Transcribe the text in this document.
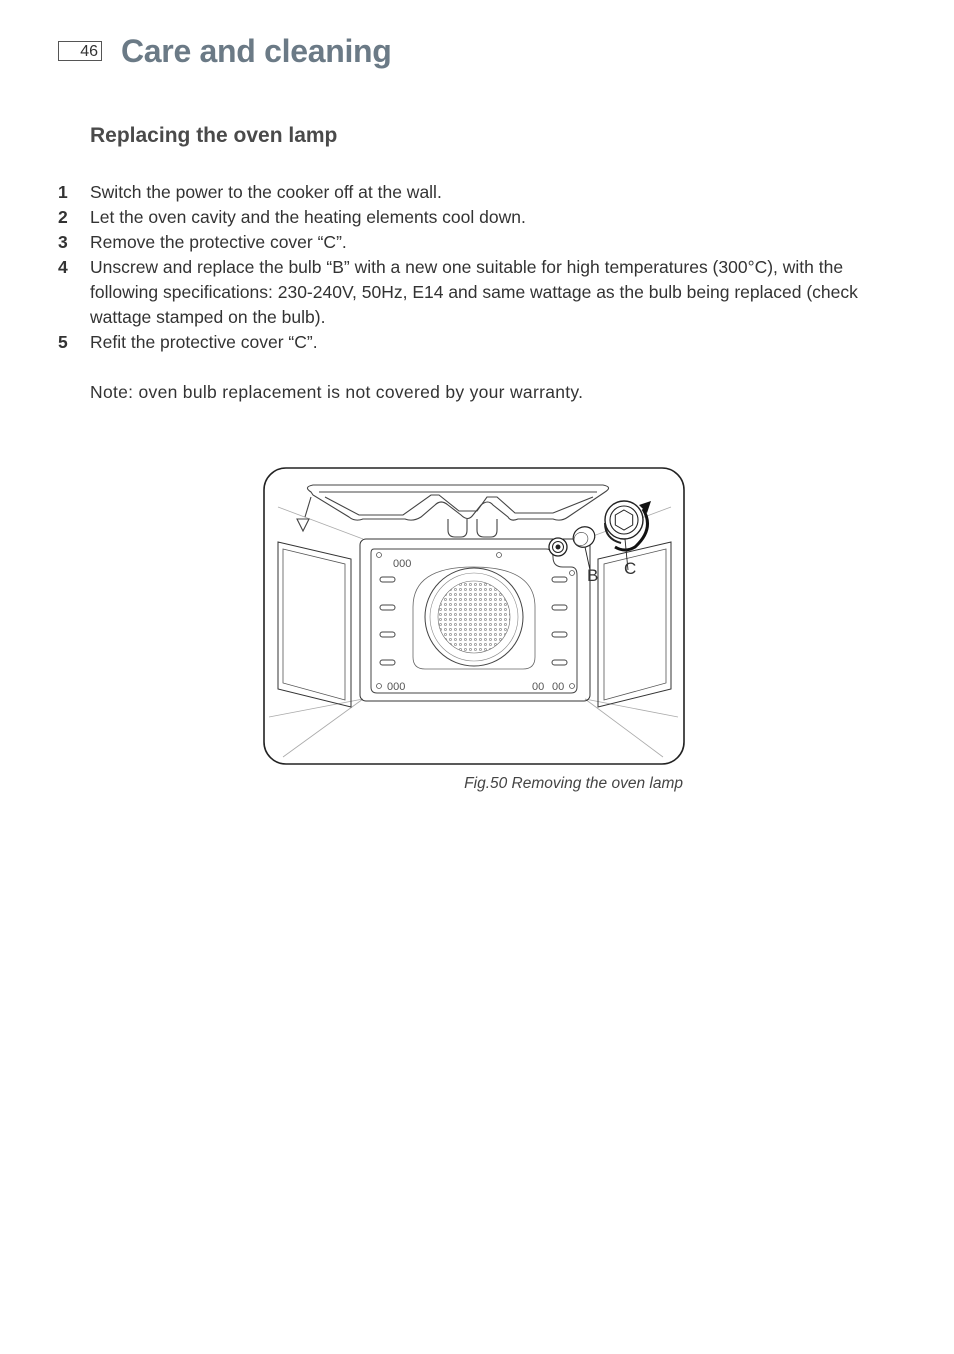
46 Care and cleaning
Replacing the oven lamp
1 Switch the power to the cooker off at the wall.
2 Let the oven cavity and the heating elements cool down.
3 Remove the protective cover “C”.
4 Unscrew and replace the bulb “B” with a new one suitable for high temperatures (300°C), with the following specifications: 230-240V, 50Hz, E14 and same wattage as the bulb being replaced (check wattage stamped on the bulb).
5 Refit the protective cover “C”.

Note: oven bulb replacement is not covered by your warranty.

000
000	00 00
B C

Fig.50 Removing the oven lamp
